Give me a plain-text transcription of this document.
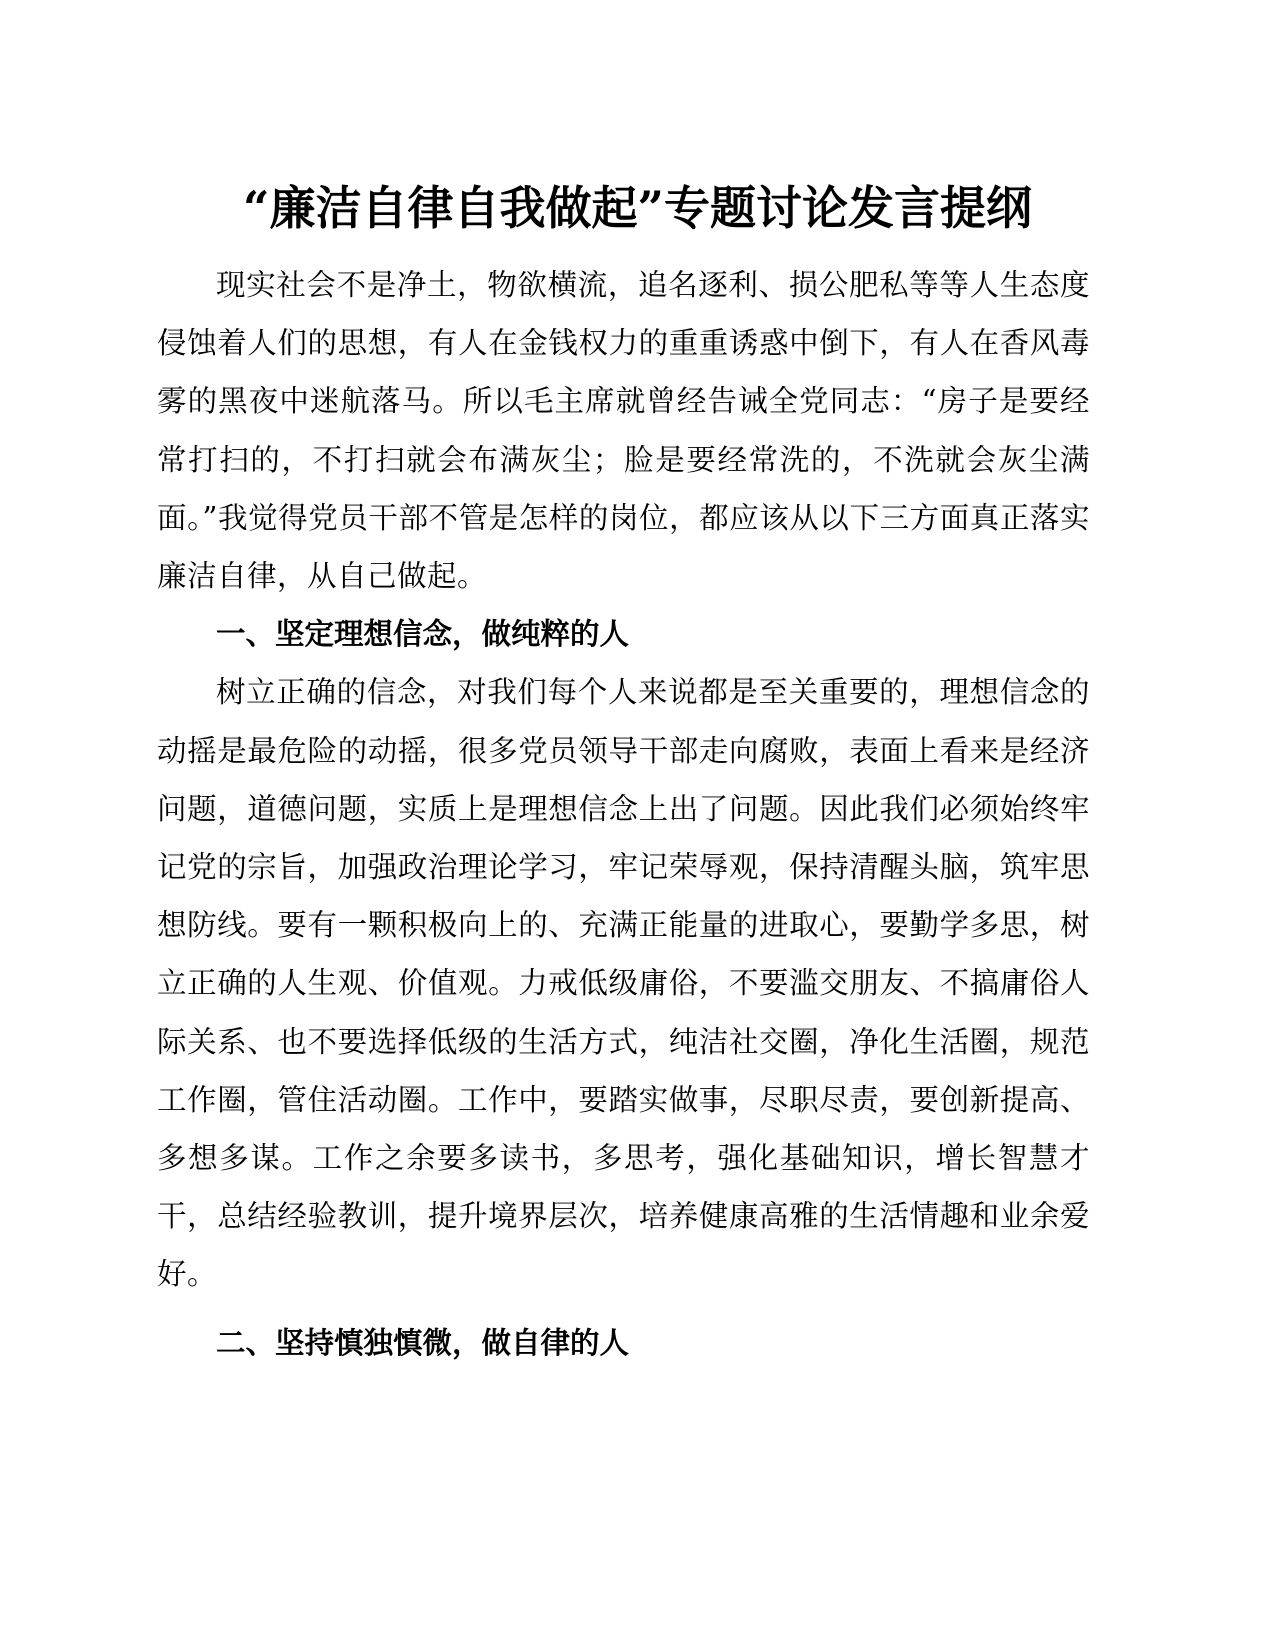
“廉洁自律自我做起”专题讨论发言提纲

现实社会不是净土，物欲横流，追名逐利、损公肥私等等人生态度侵蚀着人们的思想，有人在金钱权力的重重诱惑中倒下，有人在香风毒雾的黑夜中迷航落马。所以毛主席就曾经告诫全党同志：“房子是要经常打扫的，不打扫就会布满灰尘；脸是要经常洗的，不洗就会灰尘满面。”我觉得党员干部不管是怎样的岗位，都应该从以下三方面真正落实廉洁自律，从自己做起。

一、坚定理想信念，做纯粹的人

树立正确的信念，对我们每个人来说都是至关重要的，理想信念的动摇是最危险的动摇，很多党员领导干部走向腐败，表面上看来是经济问题，道德问题，实质上是理想信念上出了问题。因此我们必须始终牢记党的宗旨，加强政治理论学习，牢记荣辱观，保持清醒头脑，筑牢思想防线。要有一颗积极向上的、充满正能量的进取心，要勤学多思，树立正确的人生观、价值观。力戒低级庸俗，不要滥交朋友、不搞庸俗人际关系、也不要选择低级的生活方式，纯洁社交圈，净化生活圈，规范工作圈，管住活动圈。工作中，要踏实做事，尽职尽责，要创新提高、多想多谋。工作之余要多读书，多思考，强化基础知识，增长智慧才干，总结经验教训，提升境界层次，培养健康高雅的生活情趣和业余爱好。

二、坚持慎独慎微，做自律的人
